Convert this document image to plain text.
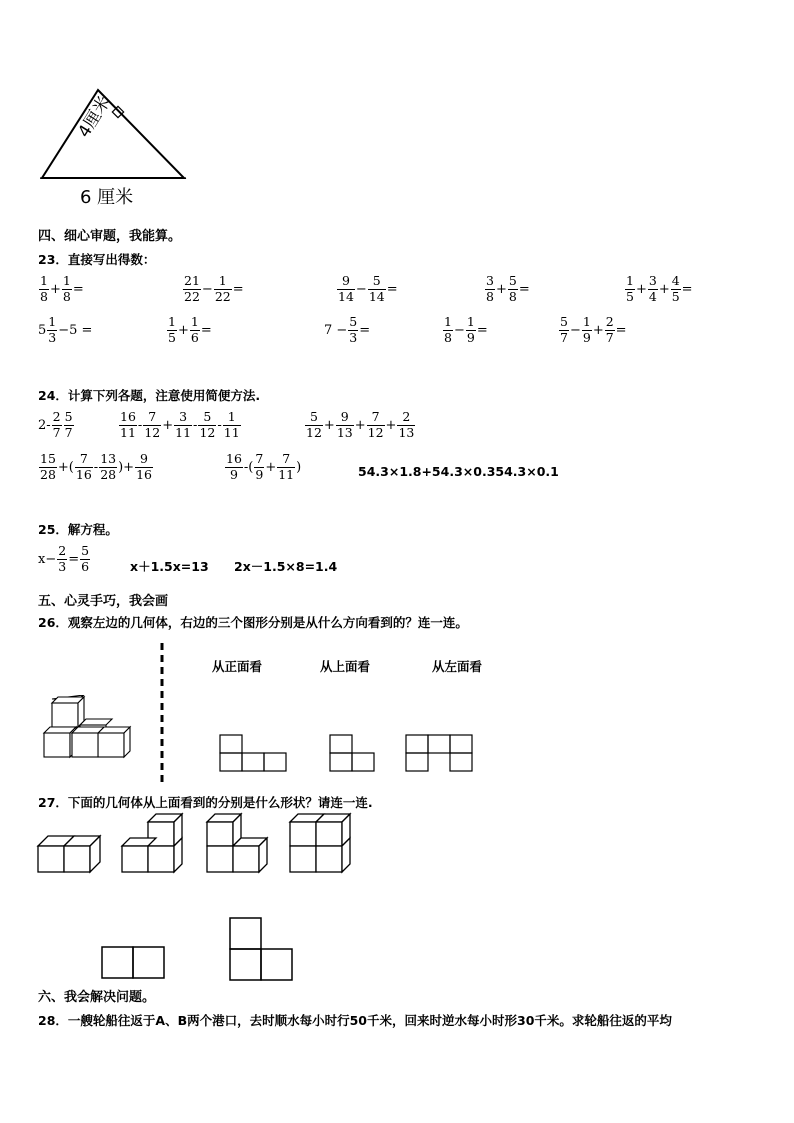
4厘米
6 厘米
四、细心审题，我能算。
23．直接写出得数：
$\frac{1}{8} + \frac{1}{8}$ =	$\frac{21}{22} - \frac{1}{22}$ =	$\frac{9}{14} - \frac{5}{14}$ =	$\frac{3}{8} + \frac{5}{8}$ =	$\frac{1}{5} + \frac{3}{4} + \frac{4}{5}$ =
$5 \frac{1}{3} -5$ =	$\frac{1}{5} + \frac{1}{6}$ =	$7 - \frac{5}{3}$ =	$\frac{1}{8} - \frac{1}{9}$ =	$\frac{5}{7} - \frac{1}{9} + \frac{2}{7}$ =
24．计算下列各题，注意使用简便方法.
$2- \frac{2}{7} \frac{5}{7}$	$\frac{16}{11} - \frac{7}{12} + \frac{3}{11} - \frac{5}{12} - \frac{1}{11}$	$\frac{5}{12} + \frac{9}{13} + \frac{7}{12} + \frac{2}{13}$
$\frac{15}{28}$ +( $\frac{7}{16} - \frac{13}{28}$ )+ $\frac{9}{16}$	$\frac{16}{9}$ -( $\frac{7}{9} + \frac{7}{11}$ )	54.3×1.8+54.3×0.354.3×0.1
25．解方程。
$x- \frac{2}{3} = \frac{5}{6}$	x＋1.5x=13 2x－1.5×8=1.4
五、心灵手巧，我会画
26．观察左边的几何体，右边的三个图形分别是从什么方向看到的？连一连。
从正面看	从上面看	从左面看
27．下面的几何体从上面看到的分别是什么形状？请连一连.
六、我会解决问题。
28．一艘轮船往返于A、B两个港口，去时顺水每小时行50千米，回来时逆水每小时形30千米。求轮船往返的平均
